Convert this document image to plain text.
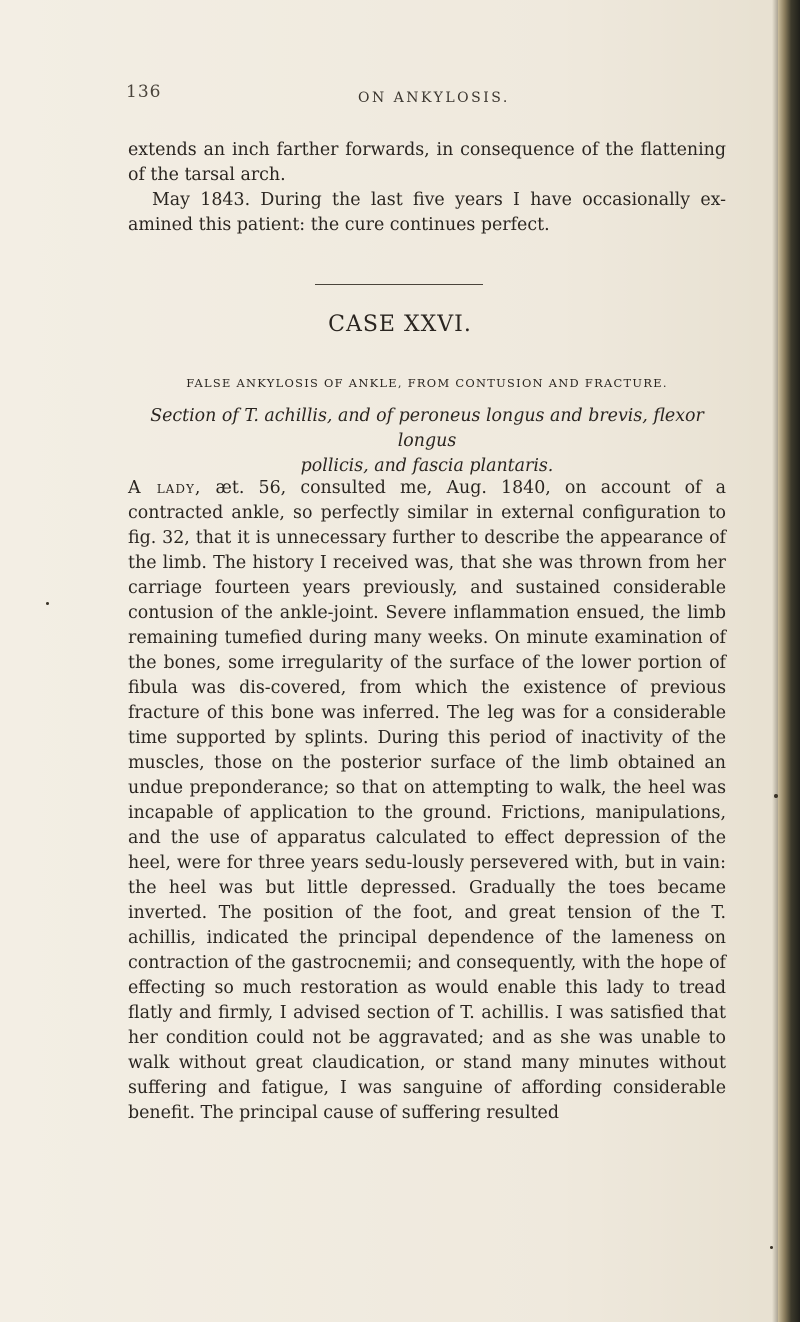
136	ON ANKYLOSIS.

extends an inch farther forwards, in consequence of the flattening of the tarsal arch.

May 1843. During the last five years I have occasionally ex-amined this patient: the cure continues perfect.

CASE XXVI.
FALSE ANKYLOSIS OF ANKLE, FROM CONTUSION AND FRACTURE.
Section of T. achillis, and of peroneus longus and brevis, flexor longus
pollicis, and fascia plantaris.

A lady, æt. 56, consulted me, Aug. 1840, on account of a contracted ankle, so perfectly similar in external configuration to fig. 32, that it is unnecessary further to describe the appearance of the limb. The history I received was, that she was thrown from her carriage fourteen years previously, and sustained considerable contusion of the ankle-joint. Severe inflammation ensued, the limb remaining tumefied during many weeks. On minute examination of the bones, some irregularity of the surface of the lower portion of fibula was dis-covered, from which the existence of previous fracture of this bone was inferred. The leg was for a considerable time supported by splints. During this period of inactivity of the muscles, those on the posterior surface of the limb obtained an undue preponderance; so that on attempting to walk, the heel was incapable of application to the ground. Frictions, manipulations, and the use of apparatus calculated to effect depression of the heel, were for three years sedu-lously persevered with, but in vain: the heel was but little depressed. Gradually the toes became inverted. The position of the foot, and great tension of the T. achillis, indicated the principal dependence of the lameness on contraction of the gastrocnemii; and consequently, with the hope of effecting so much restoration as would enable this lady to tread flatly and firmly, I advised section of T. achillis. I was satisfied that her condition could not be aggravated; and as she was unable to walk without great claudication, or stand many minutes without suffering and fatigue, I was sanguine of affording considerable benefit. The principal cause of suffering resulted
